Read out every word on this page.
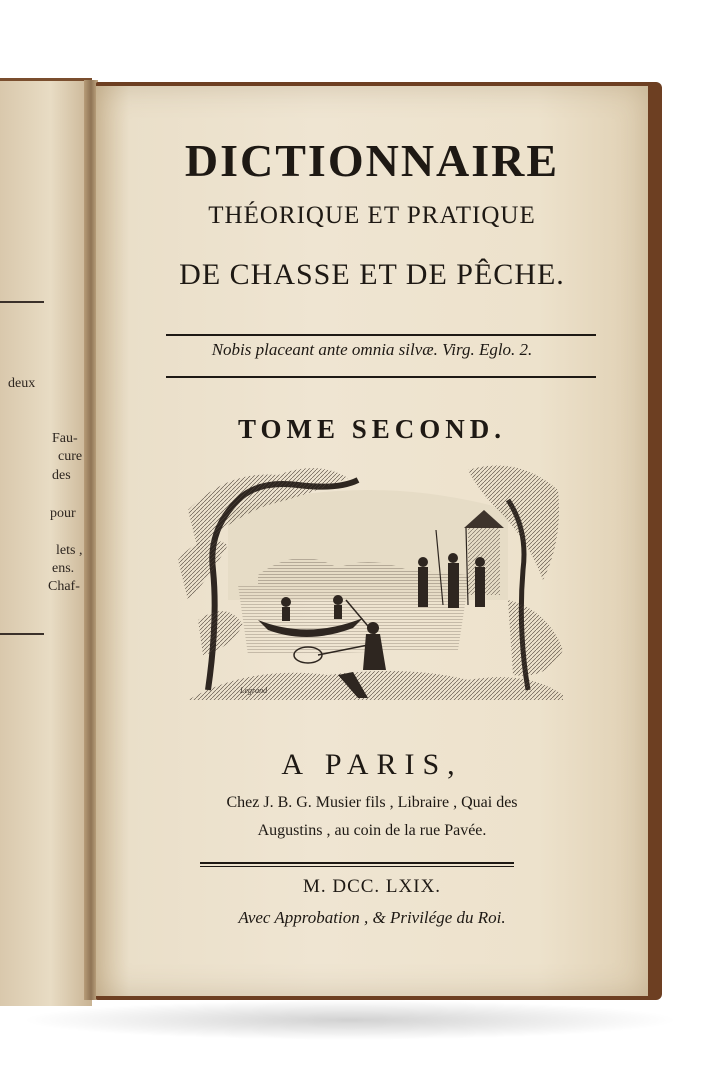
deux
Fau-
cure
des
pour
lets ,
ens.
Chaf-
DICTIONNAIRE
THÉORIQUE ET PRATIQUE
DE CHASSE ET DE PÊCHE.
Nobis placeant ante omnia silvæ. Virg. Eglo. 2.
TOME SECOND.
Legrand
A PARIS,
Chez J. B. G. Musier fils , Libraire , Quai des
Augustins , au coin de la rue Pavée.
M. DCC. LXIX.
Avec Approbation , & Privilége du Roi.
